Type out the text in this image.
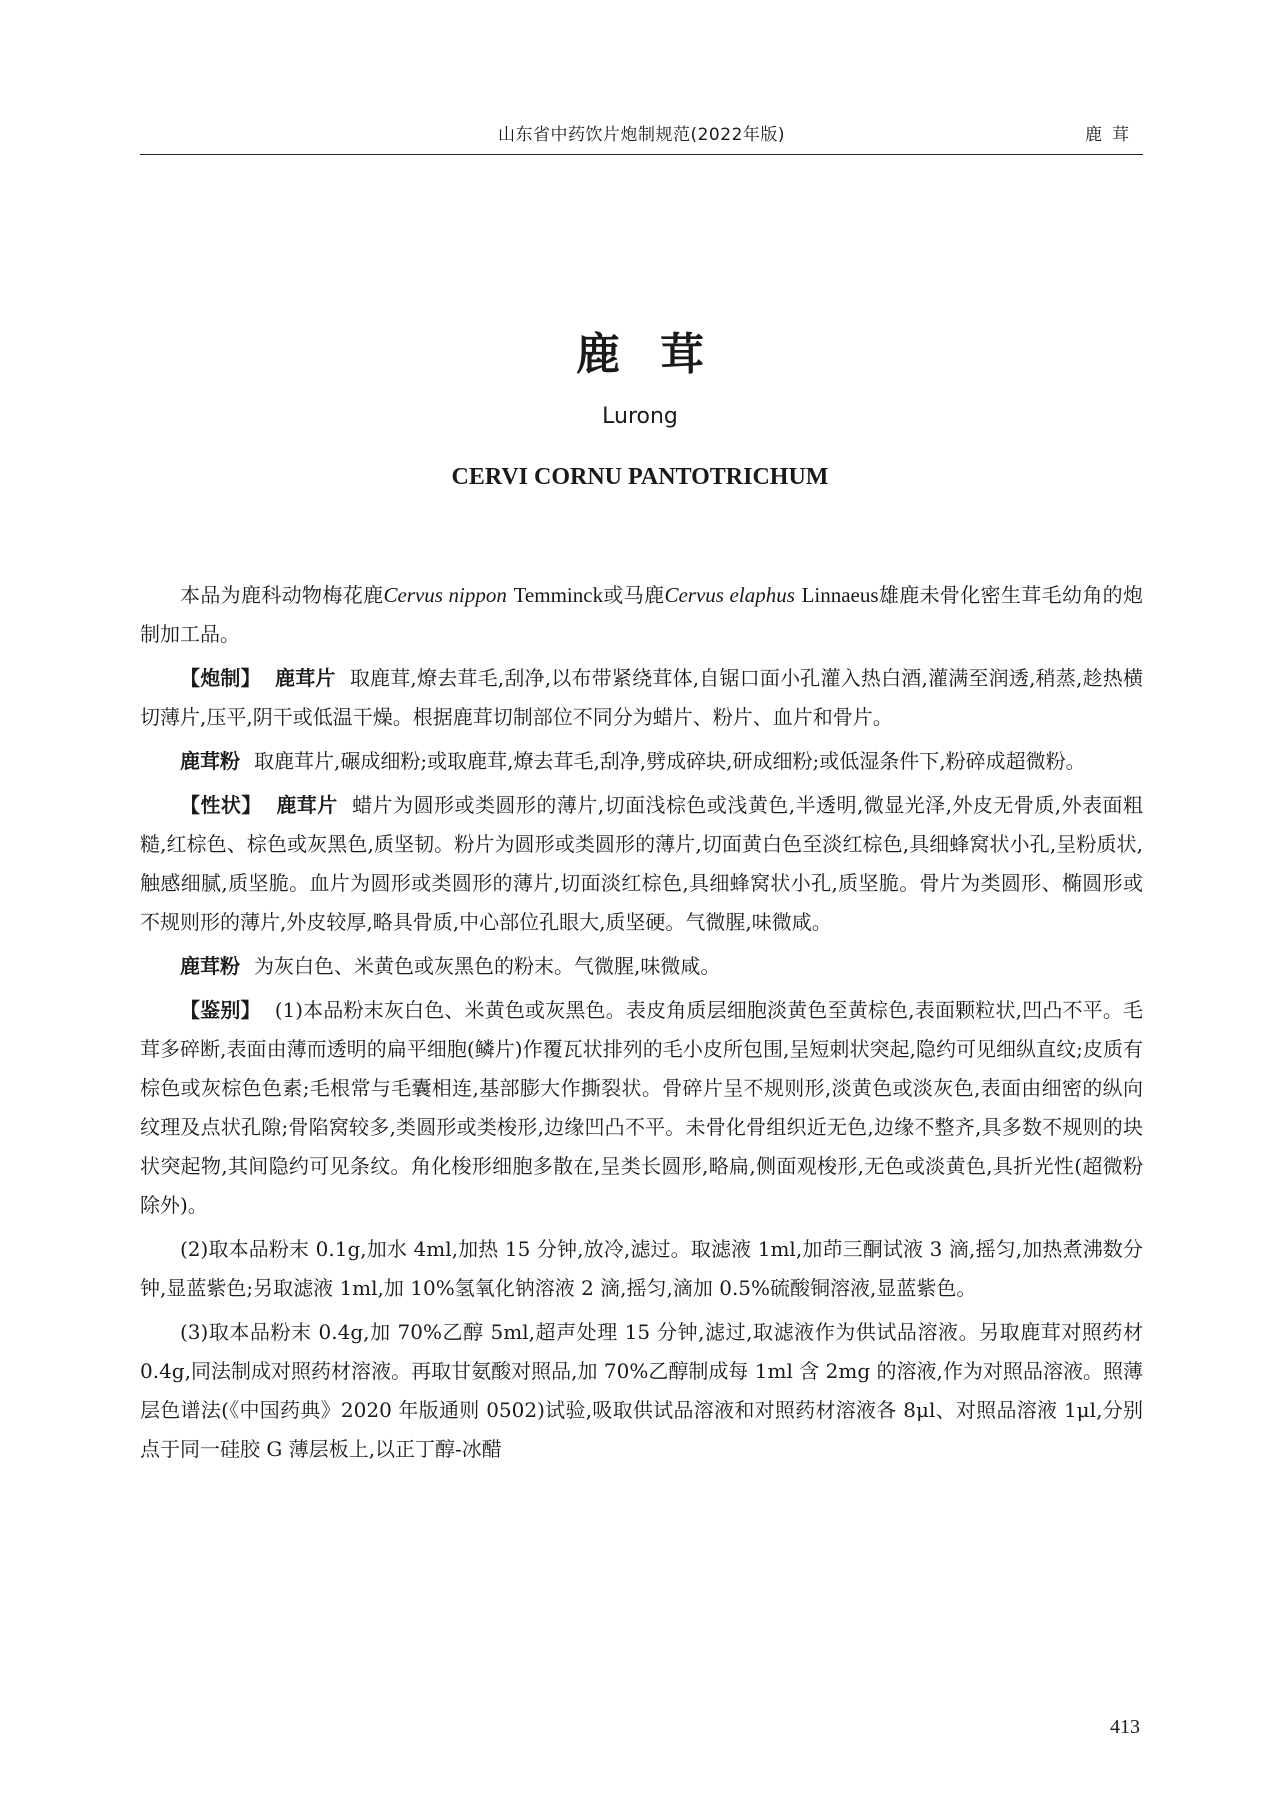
山东省中药饮片炮制规范(2022年版)	鹿茸
鹿茸
Lurong
CERVI CORNU PANTOTRICHUM

本品为鹿科动物梅花鹿Cervus nippon Temminck或马鹿Cervus elaphus Linnaeus雄鹿未骨化密生茸毛幼角的炮制加工品。

【炮制】 鹿茸片 取鹿茸,燎去茸毛,刮净,以布带紧绕茸体,自锯口面小孔灌入热白酒,灌满至润透,稍蒸,趁热横切薄片,压平,阴干或低温干燥。根据鹿茸切制部位不同分为蜡片、粉片、血片和骨片。

鹿茸粉 取鹿茸片,碾成细粉;或取鹿茸,燎去茸毛,刮净,劈成碎块,研成细粉;或低湿条件下,粉碎成超微粉。

【性状】 鹿茸片 蜡片为圆形或类圆形的薄片,切面浅棕色或浅黄色,半透明,微显光泽,外皮无骨质,外表面粗糙,红棕色、棕色或灰黑色,质坚韧。粉片为圆形或类圆形的薄片,切面黄白色至淡红棕色,具细蜂窝状小孔,呈粉质状,触感细腻,质坚脆。血片为圆形或类圆形的薄片,切面淡红棕色,具细蜂窝状小孔,质坚脆。骨片为类圆形、椭圆形或不规则形的薄片,外皮较厚,略具骨质,中心部位孔眼大,质坚硬。气微腥,味微咸。

鹿茸粉 为灰白色、米黄色或灰黑色的粉末。气微腥,味微咸。

【鉴别】 (1)本品粉末灰白色、米黄色或灰黑色。表皮角质层细胞淡黄色至黄棕色,表面颗粒状,凹凸不平。毛茸多碎断,表面由薄而透明的扁平细胞(鳞片)作覆瓦状排列的毛小皮所包围,呈短刺状突起,隐约可见细纵直纹;皮质有棕色或灰棕色色素;毛根常与毛囊相连,基部膨大作撕裂状。骨碎片呈不规则形,淡黄色或淡灰色,表面由细密的纵向纹理及点状孔隙;骨陷窝较多,类圆形或类梭形,边缘凹凸不平。未骨化骨组织近无色,边缘不整齐,具多数不规则的块状突起物,其间隐约可见条纹。角化梭形细胞多散在,呈类长圆形,略扁,侧面观梭形,无色或淡黄色,具折光性(超微粉除外)。

(2)取本品粉末 0.1g,加水 4ml,加热 15 分钟,放冷,滤过。取滤液 1ml,加茚三酮试液 3 滴,摇匀,加热煮沸数分钟,显蓝紫色;另取滤液 1ml,加 10%氢氧化钠溶液 2 滴,摇匀,滴加 0.5%硫酸铜溶液,显蓝紫色。

(3)取本品粉末 0.4g,加 70%乙醇 5ml,超声处理 15 分钟,滤过,取滤液作为供试品溶液。另取鹿茸对照药材 0.4g,同法制成对照药材溶液。再取甘氨酸对照品,加 70%乙醇制成每 1ml 含 2mg 的溶液,作为对照品溶液。照薄层色谱法(《中国药典》2020 年版通则 0502)试验,吸取供试品溶液和对照药材溶液各 8μl、对照品溶液 1μl,分别点于同一硅胶 G 薄层板上,以正丁醇-冰醋

413
